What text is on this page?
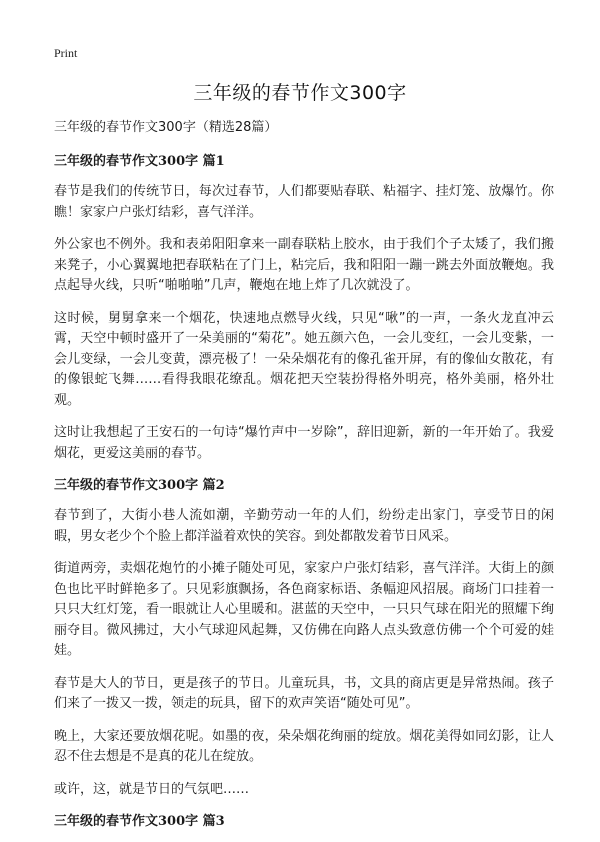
Print
三年级的春节作文300字

三年级的春节作文300字（精选28篇）

三年级的春节作文300字 篇1

春节是我们的传统节日，每次过春节，人们都要贴春联、粘福字、挂灯笼、放爆竹。你瞧！家家户户张灯结彩，喜气洋洋。

外公家也不例外。我和表弟阳阳拿来一副春联粘上胶水，由于我们个子太矮了，我们搬来凳子，小心翼翼地把春联粘在了门上，粘完后，我和阳阳一蹦一跳去外面放鞭炮。我点起导火线，只听“啪啪啪”几声，鞭炮在地上炸了几次就没了。

这时候，舅舅拿来一个烟花，快速地点燃导火线，只见“啾”的一声，一条火龙直冲云霄，天空中顿时盛开了一朵美丽的“菊花”。她五颜六色，一会儿变红，一会儿变紫，一会儿变绿，一会儿变黄，漂亮极了！一朵朵烟花有的像孔雀开屏，有的像仙女散花，有的像银蛇飞舞……看得我眼花缭乱。烟花把天空装扮得格外明亮，格外美丽，格外壮观。

这时让我想起了王安石的一句诗“爆竹声中一岁除”，辞旧迎新，新的一年开始了。我爱烟花，更爱这美丽的春节。

三年级的春节作文300字 篇2

春节到了，大街小巷人流如潮，辛勤劳动一年的人们，纷纷走出家门，享受节日的闲暇，男女老少个个脸上都洋溢着欢快的笑容。到处都散发着节日风采。

街道两旁，卖烟花炮竹的小摊子随处可见，家家户户张灯结彩，喜气洋洋。大街上的颜色也比平时鲜艳多了。只见彩旗飘扬，各色商家标语、条幅迎风招展。商场门口挂着一只只大红灯笼，看一眼就让人心里暖和。湛蓝的天空中，一只只气球在阳光的照耀下绚丽夺目。微风拂过，大小气球迎风起舞，又仿佛在向路人点头致意仿佛一个个可爱的娃娃。

春节是大人的节日，更是孩子的节日。儿童玩具，书，文具的商店更是异常热闹。孩子们来了一拨又一拨，领走的玩具，留下的欢声笑语“随处可见”。

晚上，大家还要放烟花呢。如墨的夜，朵朵烟花绚丽的绽放。烟花美得如同幻影，让人忍不住去想是不是真的花儿在绽放。

或许，这，就是节日的气氛吧……

三年级的春节作文300字 篇3
